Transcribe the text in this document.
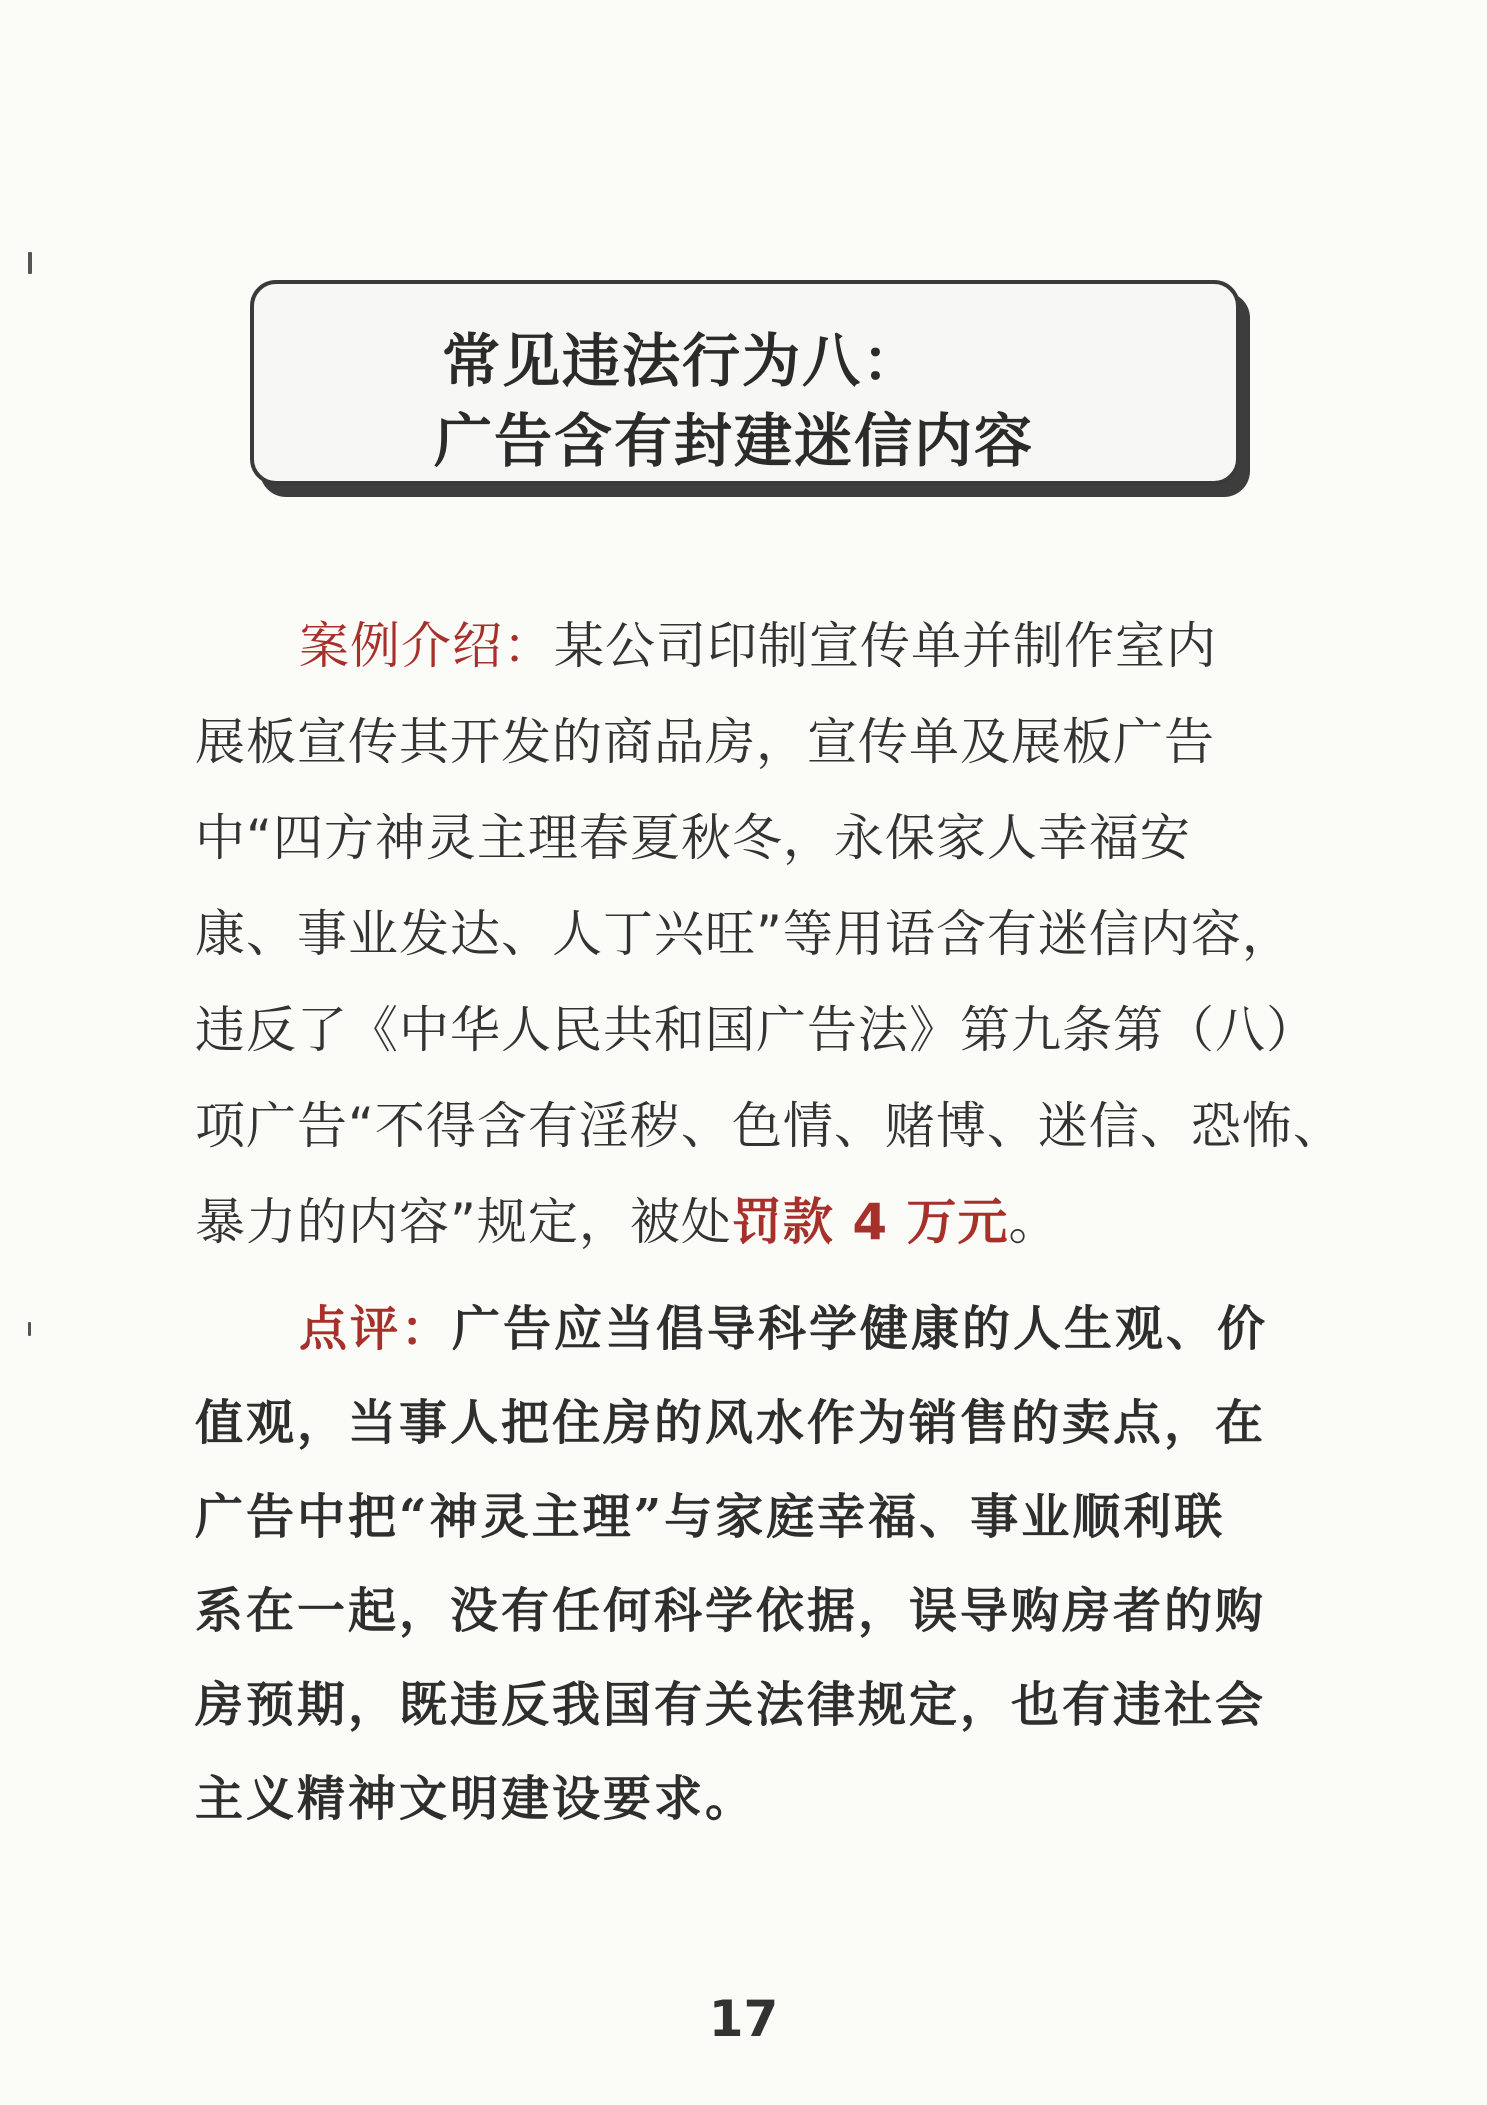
常见违法行为八：
广告含有封建迷信内容
案例介绍：某公司印制宣传单并制作室内
展板宣传其开发的商品房，宣传单及展板广告
中“四方神灵主理春夏秋冬，永保家人幸福安
康、事业发达、人丁兴旺”等用语含有迷信内容，
违反了《中华人民共和国广告法》第九条第（八）
项广告“不得含有淫秽、色情、赌博、迷信、恐怖、
暴力的内容”规定，被处罚款 4 万元。
点评：广告应当倡导科学健康的人生观、价
值观，当事人把住房的风水作为销售的卖点，在
广告中把“神灵主理”与家庭幸福、事业顺利联
系在一起，没有任何科学依据，误导购房者的购
房预期，既违反我国有关法律规定，也有违社会
主义精神文明建设要求。
17
